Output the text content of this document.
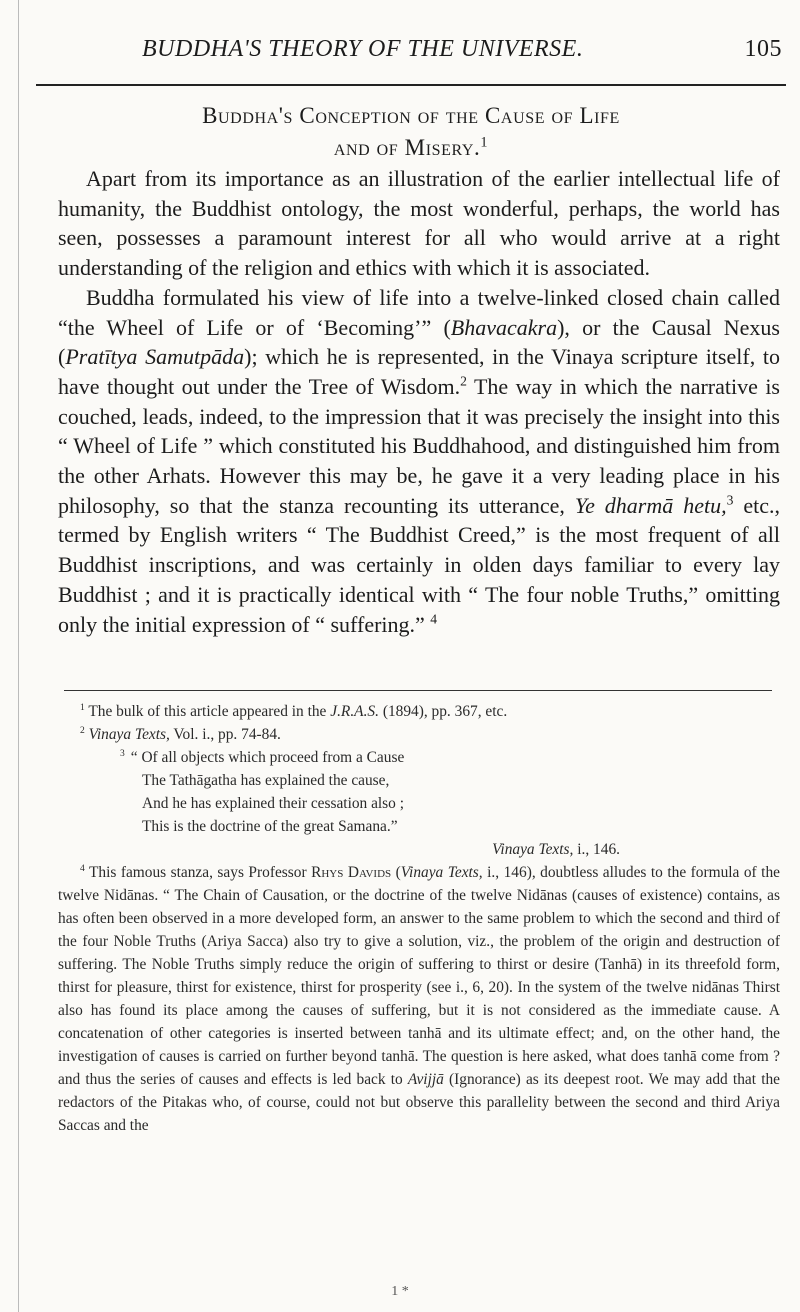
BUDDHA'S THEORY OF THE UNIVERSE.	105
Buddha's Conception of the Cause of Life
and of Misery.$^1$

Apart from its importance as an illustration of the earlier intellectual life of humanity, the Buddhist ontology, the most wonderful, perhaps, the world has seen, possesses a paramount interest for all who would arrive at a right understanding of the religion and ethics with which it is associated.

Buddha formulated his view of life into a twelve-linked closed chain called “the Wheel of Life or of ‘Becoming’” (Bhavacakra), or the Causal Nexus (Pratītya Samutpāda); which he is represented, in the Vinaya scripture itself, to have thought out under the Tree of Wisdom.$^2$ The way in which the narrative is couched, leads, indeed, to the impression that it was precisely the insight into this “ Wheel of Life ” which constituted his Buddhahood, and distinguished him from the other Arhats. However this may be, he gave it a very leading place in his philosophy, so that the stanza recounting its utterance, Ye dharmā hetu,$^3$ etc., termed by English writers “ The Buddhist Creed,” is the most frequent of all Buddhist inscriptions, and was certainly in olden days familiar to every lay Buddhist ; and it is practically identical with “ The four noble Truths,” omitting only the initial expression of “ suffering.” $^4$

$^1$ The bulk of this article appeared in the J.R.A.S. (1894), pp. 367, etc.

$^2$ Vinaya Texts, Vol. i., pp. 74-84.

$^3$ “ Of all objects which proceed from a Cause
The Tathāgatha has explained the cause,
And he has explained their cessation also ;
This is the doctrine of the great Samana.”
Vinaya Texts, i., 146.

$^4$ This famous stanza, says Professor Rhys Davids (Vinaya Texts, i., 146), doubtless alludes to the formula of the twelve Nidānas. “ The Chain of Causation, or the doctrine of the twelve Nidānas (causes of existence) contains, as has often been observed in a more developed form, an answer to the same problem to which the second and third of the four Noble Truths (Ariya Sacca) also try to give a solution, viz., the problem of the origin and destruction of suffering. The Noble Truths simply reduce the origin of suffering to thirst or desire (Tanhā) in its threefold form, thirst for pleasure, thirst for existence, thirst for prosperity (see i., 6, 20). In the system of the twelve nidānas Thirst also has found its place among the causes of suffering, but it is not considered as the immediate cause. A concatenation of other categories is inserted between tanhā and its ultimate effect; and, on the other hand, the investigation of causes is carried on further beyond tanhā. The question is here asked, what does tanhā come from ? and thus the series of causes and effects is led back to Avijjā (Ignorance) as its deepest root. We may add that the redactors of the Pitakas who, of course, could not but observe this parallelity between the second and third Ariya Saccas and the

1 *
